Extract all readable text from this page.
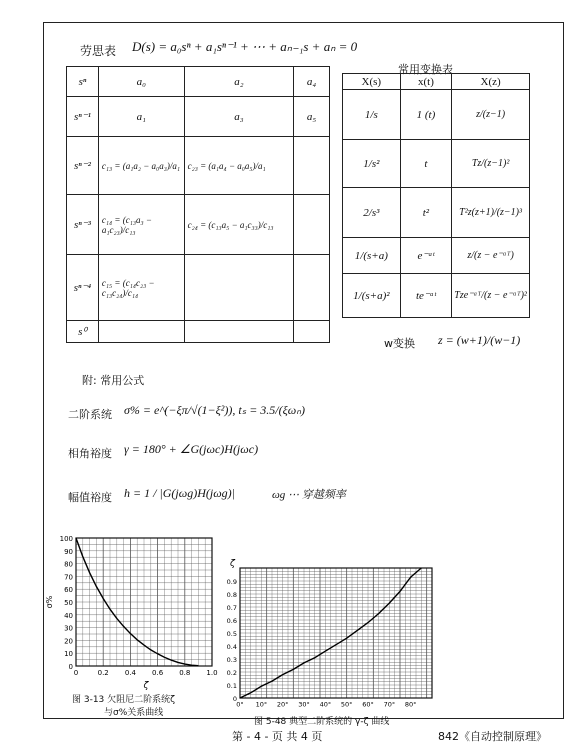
劳思表 D(s) = a₀sⁿ + a₁sⁿ⁻¹ + ⋯ + aₙ₋₁s + aₙ = 0
sⁿ	a₀	a₂	a₄
sⁿ⁻¹	a₁	a₃	a₅
sⁿ⁻²	c₁₃ = (a₁a₂ − a₀a₃)/a₁	c₂₃ = (a₁a₄ − a₀a₅)/a₁	
sⁿ⁻³	c₁₄ = (c₁₃a₃ − a₁c₂₃)/c₁₃	c₂₄ = (c₁₃a₅ − a₁c₃₃)/c₁₃	
sⁿ⁻⁴	c₁₅ = (c₁₄c₂₃ − c₁₃c₂₄)/c₁₄		
s⁰			
常用变换表
X(s)	x(t)	X(z)
1/s	1 (t)	z/(z−1)
1/s²	t	Tz/(z−1)²
2/s³	t²	T²z(z+1)/(z−1)³
1/(s+a)	e⁻ᵃᵗ	z/(z − e⁻ᵃᵀ)
1/(s+a)²	te⁻ᵃᵗ	Tze⁻ᵃᵀ/(z − e⁻ᵃᵀ)²
w变换 z = (w+1)/(w−1)
附: 常用公式
二阶系统 σ% = e^(−ξπ/√(1−ξ²)), tₛ = 3.5/(ξωₙ)
相角裕度 γ = 180° + ∠G(jωc)H(jωc)
幅值裕度 h = 1 / |G(jωg)H(jωg)|	ωg ⋯ 穿越频率
0
10
20
30
40
50
60
70
80
90
100
0	0.2 0.4 0.6 0.8 1.0
σ%
ζ
图 3-13 欠阻尼二阶系统ζ
与σ%关系曲线
0
0.1
0.2
0.3
0.4
0.5
0.6
0.7
0.8
0.9
0° 10° 20° 30° 40° 50° 60° 70° 80°
ζ
图 5-48 典型二阶系统的 γ-ζ 曲线
第 - 4 - 页 共 4 页	842《自动控制原理》
